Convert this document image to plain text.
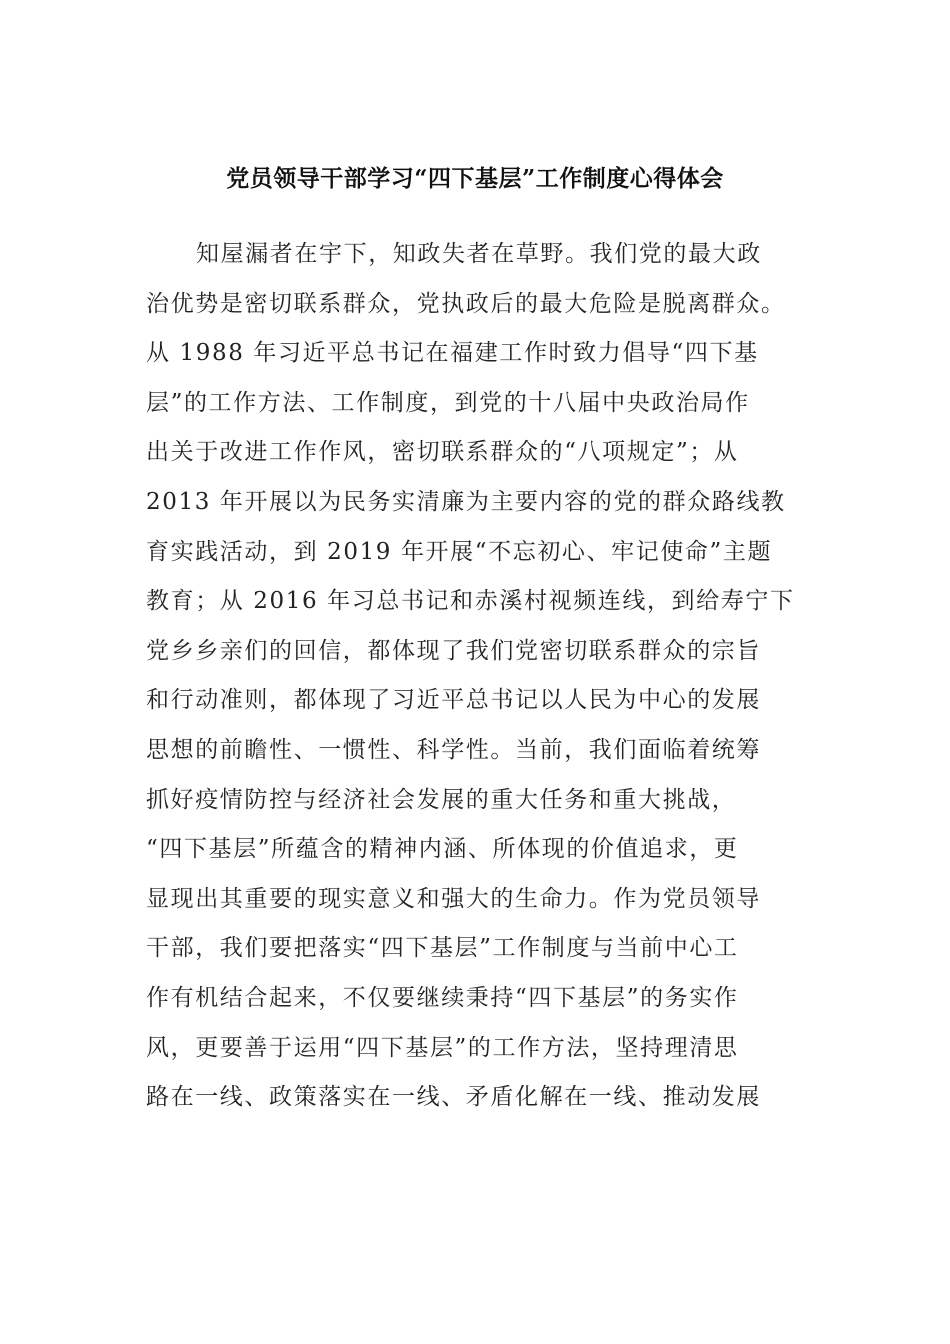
党员领导干部学习“四下基层”工作制度心得体会
知屋漏者在宇下，知政失者在草野。我们党的最大政
治优势是密切联系群众，党执政后的最大危险是脱离群众。
从 1988 年习近平总书记在福建工作时致力倡导“四下基
层”的工作方法、工作制度，到党的十八届中央政治局作
出关于改进工作作风，密切联系群众的“八项规定”；从
2013 年开展以为民务实清廉为主要内容的党的群众路线教
育实践活动，到 2019 年开展“不忘初心、牢记使命”主题
教育；从 2016 年习总书记和赤溪村视频连线，到给寿宁下
党乡乡亲们的回信，都体现了我们党密切联系群众的宗旨
和行动准则，都体现了习近平总书记以人民为中心的发展
思想的前瞻性、一惯性、科学性。当前，我们面临着统筹
抓好疫情防控与经济社会发展的重大任务和重大挑战，
“四下基层”所蕴含的精神内涵、所体现的价值追求，更
显现出其重要的现实意义和强大的生命力。作为党员领导
干部，我们要把落实“四下基层”工作制度与当前中心工
作有机结合起来，不仅要继续秉持“四下基层”的务实作
风，更要善于运用“四下基层”的工作方法，坚持理清思
路在一线、政策落实在一线、矛盾化解在一线、推动发展
